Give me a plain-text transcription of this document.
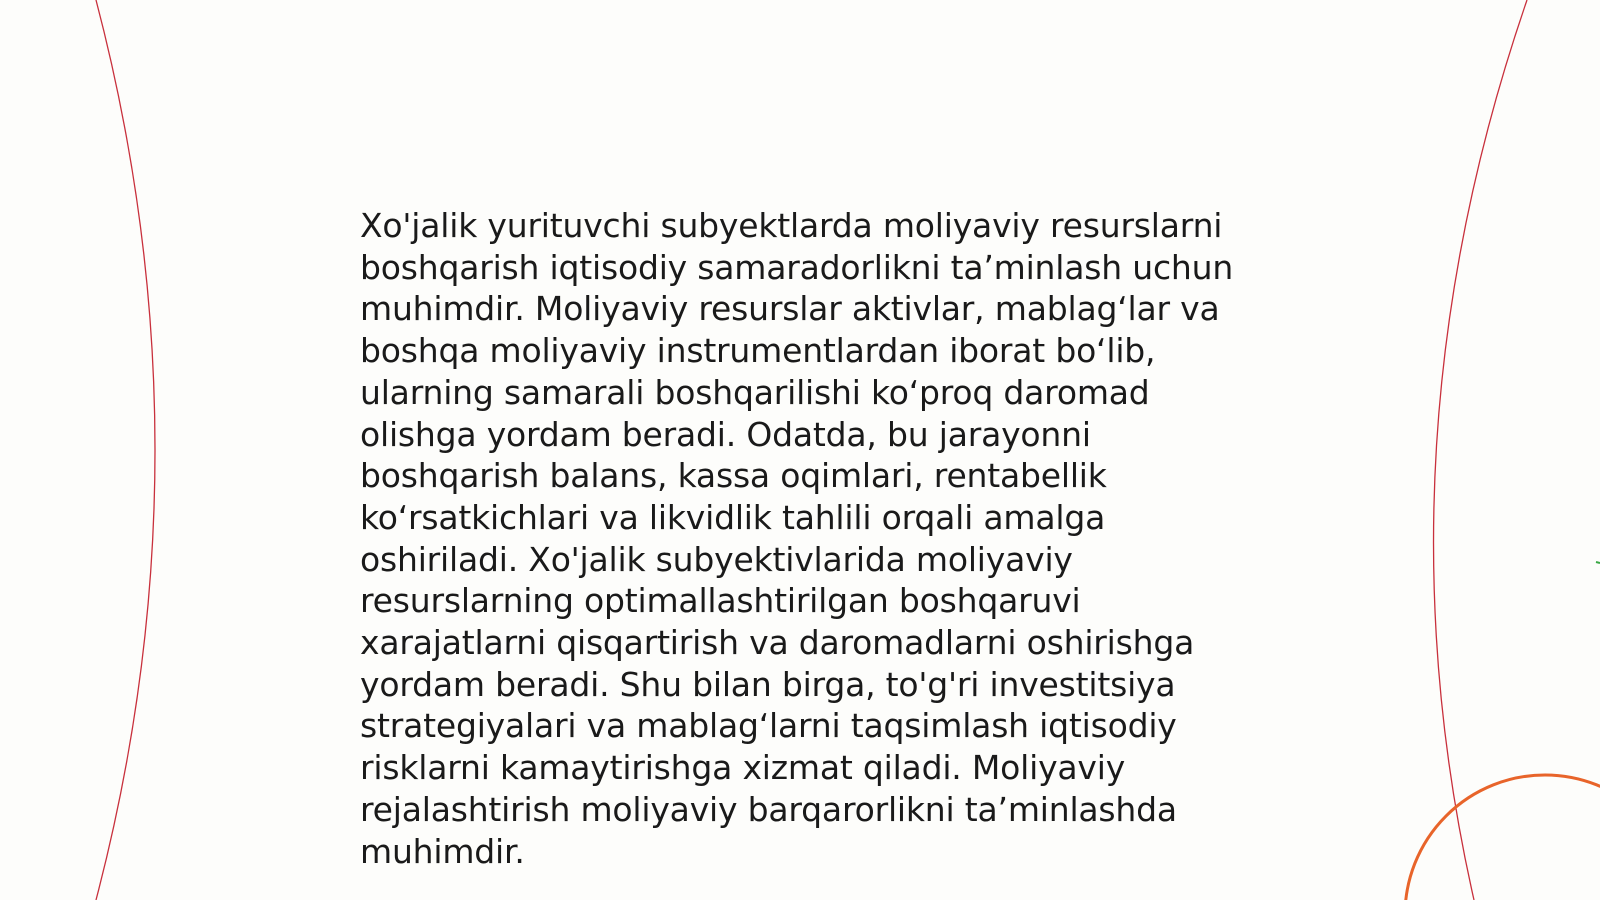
Xo'jalik yurituvchi subyektlarda moliyaviy resurslarni
boshqarish iqtisodiy samaradorlikni ta’minlash uchun
muhimdir. Moliyaviy resurslar aktivlar, mablag‘lar va
boshqa moliyaviy instrumentlardan iborat bo‘lib,
ularning samarali boshqarilishi ko‘proq daromad
olishga yordam beradi. Odatda, bu jarayonni
boshqarish balans, kassa oqimlari, rentabellik
ko‘rsatkichlari va likvidlik tahlili orqali amalga
oshiriladi. Xo'jalik subyektivlarida moliyaviy
resurslarning optimallashtirilgan boshqaruvi
xarajatlarni qisqartirish va daromadlarni oshirishga
yordam beradi. Shu bilan birga, to'g'ri investitsiya
strategiyalari va mablag‘larni taqsimlash iqtisodiy
risklarni kamaytirishga xizmat qiladi. Moliyaviy
rejalashtirish moliyaviy barqarorlikni ta’minlashda
muhimdir.
